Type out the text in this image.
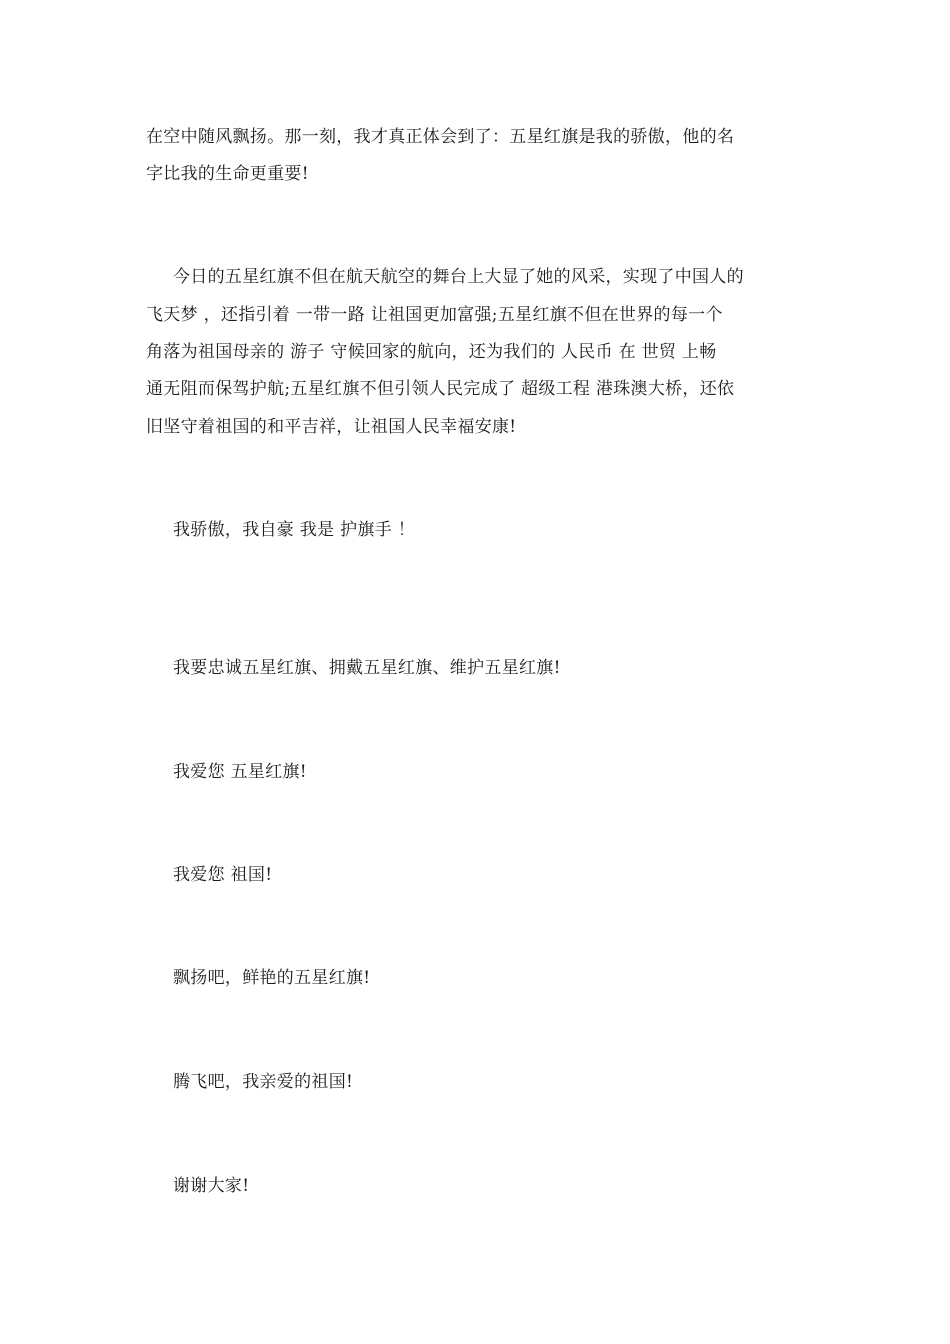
在空中随风飘扬。那一刻，我才真正体会到了：五星红旗是我的骄傲，他的名
字比我的生命更重要!
今日的五星红旗不但在航天航空的舞台上大显了她的风采，实现了中国人的
飞天梦 ，还指引着 一带一路 让祖国更加富强;五星红旗不但在世界的每一个
角落为祖国母亲的 游子 守候回家的航向，还为我们的 人民币 在 世贸 上畅
通无阻而保驾护航;五星红旗不但引领人民完成了 超级工程 港珠澳大桥，还依
旧坚守着祖国的和平吉祥，让祖国人民幸福安康!
我骄傲，我自豪 我是 护旗手 ！
我要忠诚五星红旗、拥戴五星红旗、维护五星红旗!
我爱您 五星红旗!
我爱您 祖国!
飘扬吧，鲜艳的五星红旗!
腾飞吧，我亲爱的祖国!
谢谢大家!
